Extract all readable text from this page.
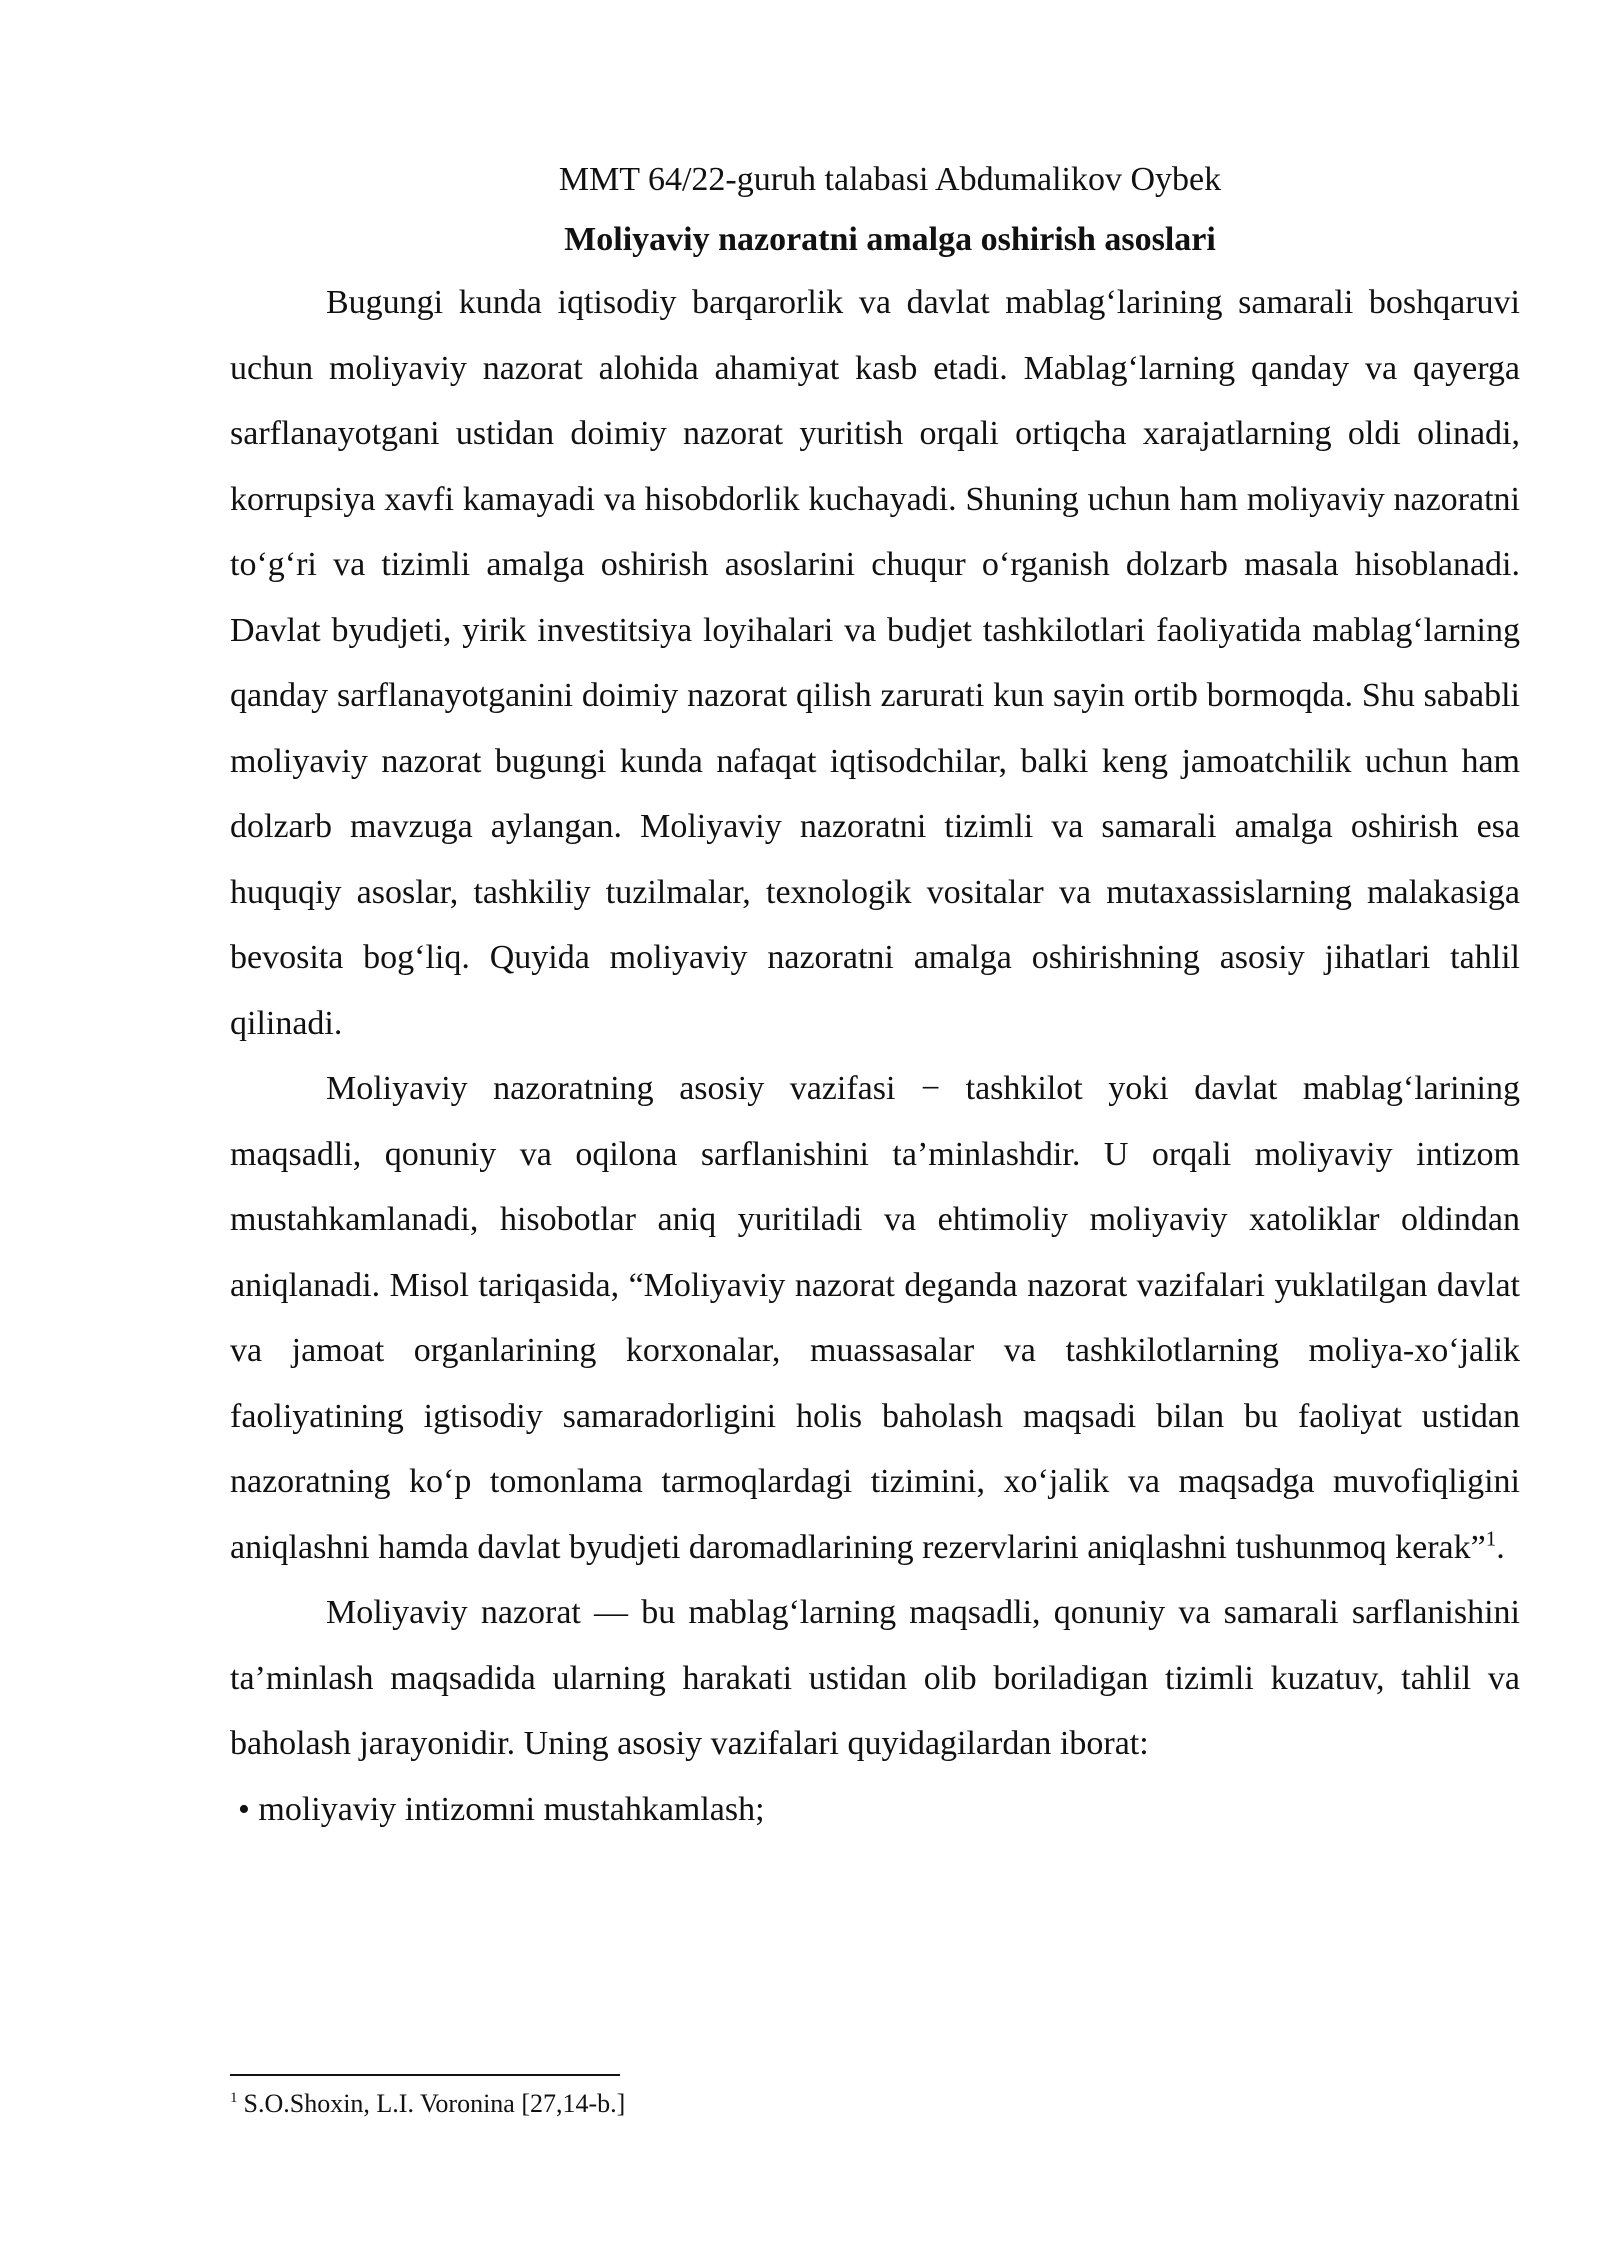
MMT 64/22-guruh talabasi Abdumalikov Oybek

Moliyaviy nazoratni amalga oshirish asoslari

Bugungi kunda iqtisodiy barqarorlik va davlat mablag‘larining samarali boshqaruvi uchun moliyaviy nazorat alohida ahamiyat kasb etadi. Mablag‘larning qanday va qayerga sarflanayotgani ustidan doimiy nazorat yuritish orqali ortiqcha xarajatlarning oldi olinadi, korrupsiya xavfi kamayadi va hisobdorlik kuchayadi. Shuning uchun ham moliyaviy nazoratni to‘g‘ri va tizimli amalga oshirish asoslarini chuqur o‘rganish dolzarb masala hisoblanadi. Davlat byudjeti, yirik investitsiya loyihalari va budjet tashkilotlari faoliyatida mablag‘larning qanday sarflanayotganini doimiy nazorat qilish zarurati kun sayin ortib bormoqda. Shu sababli moliyaviy nazorat bugungi kunda nafaqat iqtisodchilar, balki keng jamoatchilik uchun ham dolzarb mavzuga aylangan. Moliyaviy nazoratni tizimli va samarali amalga oshirish esa huquqiy asoslar, tashkiliy tuzilmalar, texnologik vositalar va mutaxassislarning malakasiga bevosita bog‘liq. Quyida moliyaviy nazoratni amalga oshirishning asosiy jihatlari tahlil qilinadi.

Moliyaviy nazoratning asosiy vazifasi − tashkilot yoki davlat mablag‘larining maqsadli, qonuniy va oqilona sarflanishini ta’minlashdir. U orqali moliyaviy intizom mustahkamlanadi, hisobotlar aniq yuritiladi va ehtimoliy moliyaviy xatoliklar oldindan aniqlanadi. Misol tariqasida, “Moliyaviy nazorat deganda nazorat vazifalari yuklatilgan davlat va jamoat organlarining korxonalar, muassasalar va tashkilotlarning moliya-xo‘jalik faoliyatining igtisodiy samaradorligini holis baholash maqsadi bilan bu faoliyat ustidan nazoratning ko‘p tomonlama tarmoqlardagi tizimini, xo‘jalik va maqsadga muvofiqligini aniqlashni hamda davlat byudjeti daromadlarining rezervlarini aniqlashni tushunmoq kerak”$^1$.

Moliyaviy nazorat — bu mablag‘larning maqsadli, qonuniy va samarali sarflanishini ta’minlash maqsadida ularning harakati ustidan olib boriladigan tizimli kuzatuv, tahlil va baholash jarayonidir. Uning asosiy vazifalari quyidagilardan iborat:

• moliyaviy intizomni mustahkamlash;

$^1$ S.O.Shoxin, L.I. Voronina [27,14-b.]
